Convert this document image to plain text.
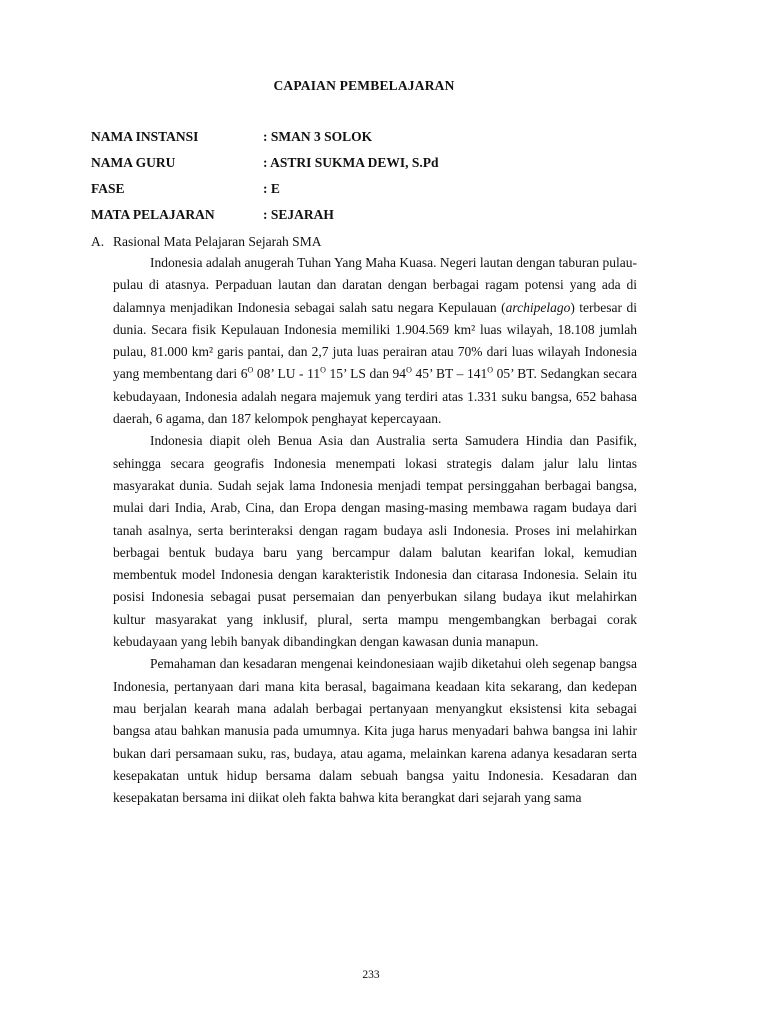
CAPAIAN PEMBELAJARAN
NAMA INSTANSI	: SMAN 3 SOLOK
NAMA GURU	: ASTRI SUKMA DEWI, S.Pd
FASE	: E
MATA PELAJARAN	: SEJARAH
A. Rasional Mata Pelajaran Sejarah SMA

Indonesia adalah anugerah Tuhan Yang Maha Kuasa. Negeri lautan dengan taburan pulau-pulau di atasnya. Perpaduan lautan dan daratan dengan berbagai ragam potensi yang ada di dalamnya menjadikan Indonesia sebagai salah satu negara Kepulauan (archipelago) terbesar di dunia. Secara fisik Kepulauan Indonesia memiliki 1.904.569 km² luas wilayah, 18.108 jumlah pulau, 81.000 km² garis pantai, dan 2,7 juta luas perairan atau 70% dari luas wilayah Indonesia yang membentang dari $6^O$ 08’ LU - $11^O$ 15’ LS dan $94^O$ 45’ BT – $141^O$ 05’ BT. Sedangkan secara kebudayaan, Indonesia adalah negara majemuk yang terdiri atas 1.331 suku bangsa, 652 bahasa daerah, 6 agama, dan 187 kelompok penghayat kepercayaan.

Indonesia diapit oleh Benua Asia dan Australia serta Samudera Hindia dan Pasifik, sehingga secara geografis Indonesia menempati lokasi strategis dalam jalur lalu lintas masyarakat dunia. Sudah sejak lama Indonesia menjadi tempat persinggahan berbagai bangsa, mulai dari India, Arab, Cina, dan Eropa dengan masing-masing membawa ragam budaya dari tanah asalnya, serta berinteraksi dengan ragam budaya asli Indonesia. Proses ini melahirkan berbagai bentuk budaya baru yang bercampur dalam balutan kearifan lokal, kemudian membentuk model Indonesia dengan karakteristik Indonesia dan citarasa Indonesia. Selain itu posisi Indonesia sebagai pusat persemaian dan penyerbukan silang budaya ikut melahirkan kultur masyarakat yang inklusif, plural, serta mampu mengembangkan berbagai corak kebudayaan yang lebih banyak dibandingkan dengan kawasan dunia manapun.

Pemahaman dan kesadaran mengenai keindonesiaan wajib diketahui oleh segenap bangsa Indonesia, pertanyaan dari mana kita berasal, bagaimana keadaan kita sekarang, dan kedepan mau berjalan kearah mana adalah berbagai pertanyaan menyangkut eksistensi kita sebagai bangsa atau bahkan manusia pada umumnya. Kita juga harus menyadari bahwa bangsa ini lahir bukan dari persamaan suku, ras, budaya, atau agama, melainkan karena adanya kesadaran serta kesepakatan untuk hidup bersama dalam sebuah bangsa yaitu Indonesia. Kesadaran dan kesepakatan bersama ini diikat oleh fakta bahwa kita berangkat dari sejarah yang sama

233
